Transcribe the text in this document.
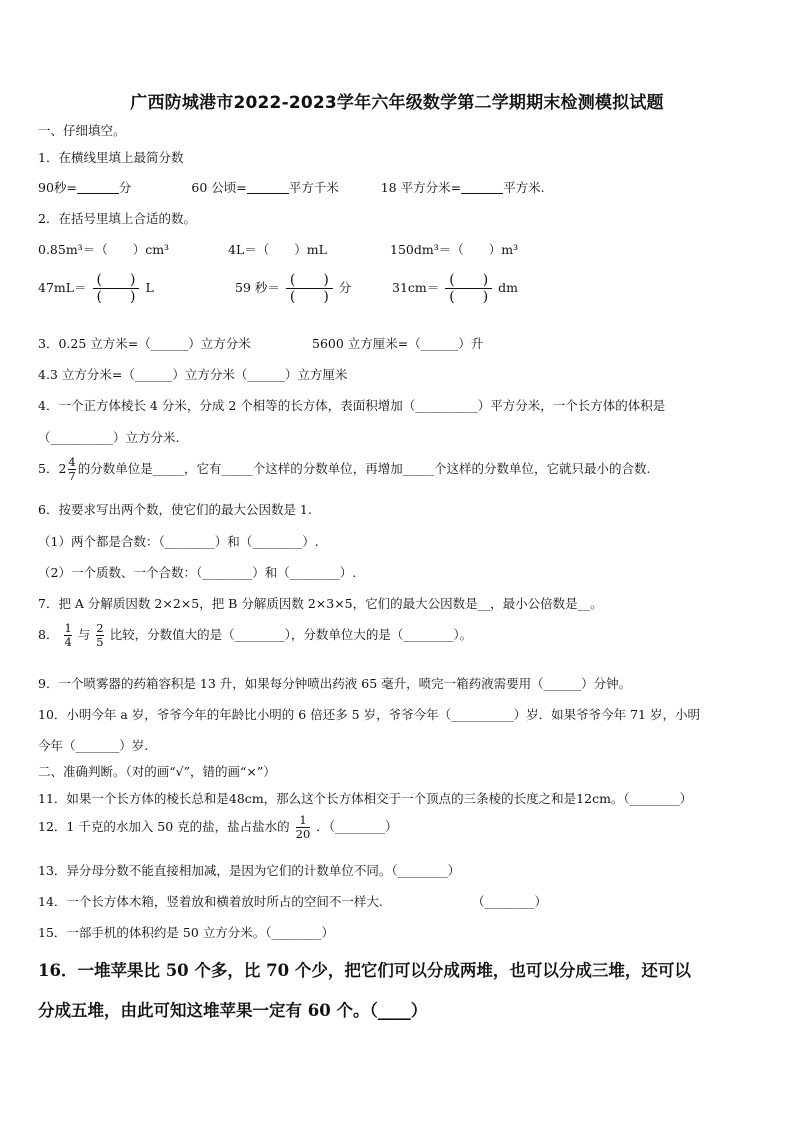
广西防城港市2022-2023学年六年级数学第二学期期末检测模拟试题
一、仔细填空。
1．在横线里填上最简分数
90秒=	分	60 公顷=	平方千米	18 平方分米=	平方米.
2．在括号里填上合适的数。
0.85m³＝（　　）cm³	4L＝（　　）mL	150dm³＝（　　）m³
$47mL= \frac{( )}{( )}$ L	59 秒＝ $\frac{( )}{( )}$ 分	$31cm= \frac{( )}{( )}$ dm
3．0.25 立方米=（______）立方分米	5600 立方厘米=（______）升
4.3 立方分米=（______）立方分米（______）立方厘米
4．一个正方体棱长 4 分米，分成 2 个相等的长方体，表面积增加（__________）平方分米，一个长方体的体积是
（__________）立方分米.
5．$2 \frac{4}{7}$ 的分数单位是_____，它有_____个这样的分数单位，再增加_____个这样的分数单位，它就只最小的合数.
6．按要求写出两个数，使它们的最大公因数是 1.
（1）两个都是合数：（________）和（________）.
（2）一个质数、一个合数：（________）和（________）.
7．把 A 分解质因数 2×2×5，把 B 分解质因数 2×3×5，它们的最大公因数是__，最小公倍数是__。
8． $\frac{1}{4}$ 与 $\frac{2}{5}$ 比较，分数值大的是（________），分数单位大的是（________）。
9．一个喷雾器的药箱容积是 13 升，如果每分钟喷出药液 65 毫升，喷完一箱药液需要用（______）分钟。
10．小明今年 a 岁，爷爷今年的年龄比小明的 6 倍还多 5 岁，爷爷今年（__________）岁．如果爷爷今年 71 岁，小明
今年（_______）岁.
二、准确判断。（对的画“√”，错的画“×”）
11．如果一个长方体的棱长总和是48cm，那么这个长方体相交于一个顶点的三条棱的长度之和是12cm。（________）
12．1 千克的水加入 50 克的盐，盐占盐水的 $\frac{1}{20}$ ．（________）
13．异分母分数不能直接相加减，是因为它们的计数单位不同。（________）
14．一个长方体木箱，竖着放和横着放时所占的空间不一样大.	（________）
15．一部手机的体积约是 50 立方分米。（________）
16．一堆苹果比 50 个多，比 70 个少，把它们可以分成两堆，也可以分成三堆，还可以
分成五堆，由此可知这堆苹果一定有 60 个。（____）
